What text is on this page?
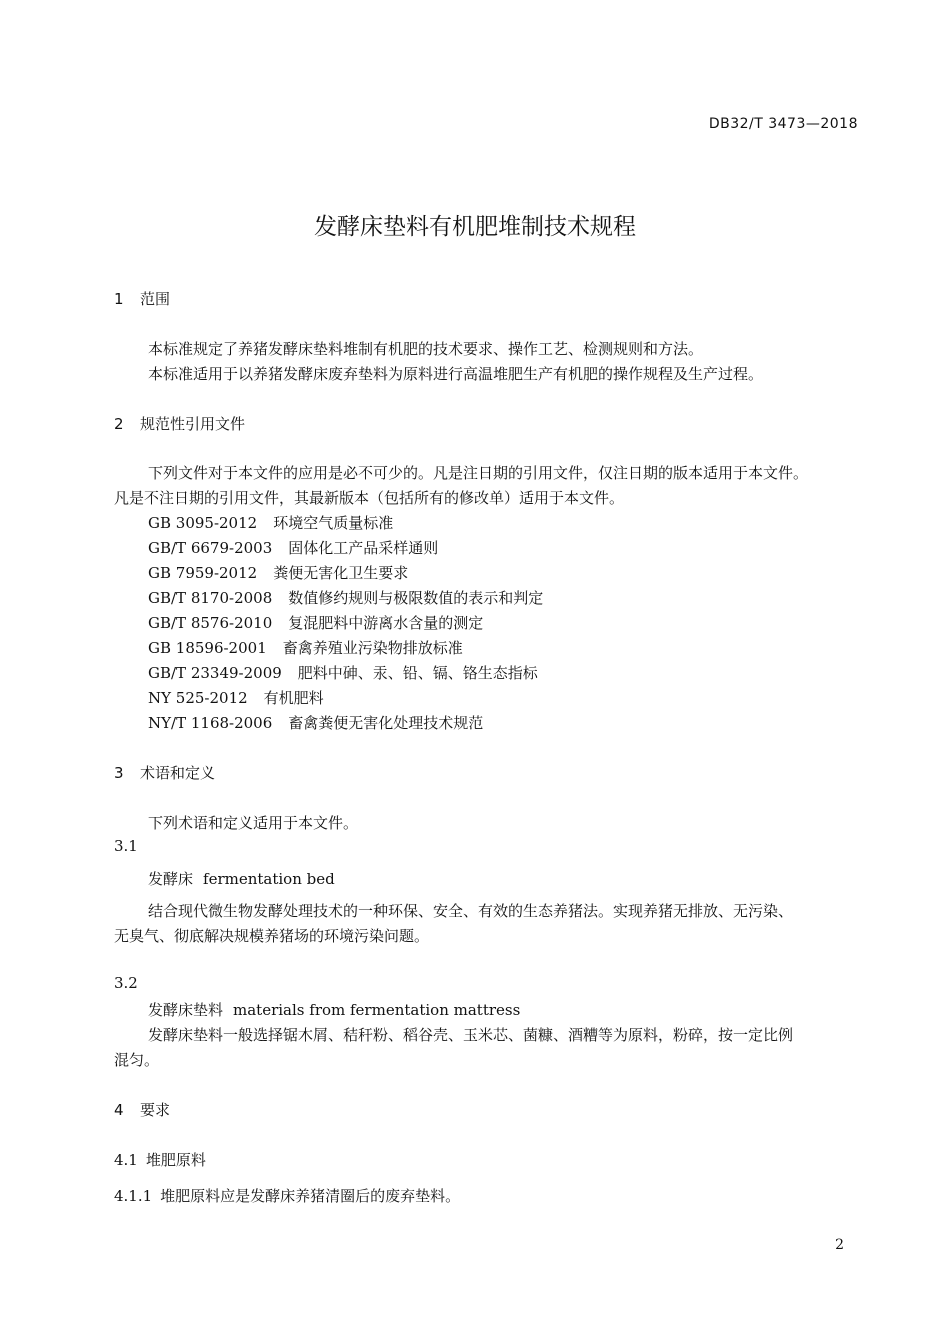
DB32/T 3473—2018
发酵床垫料有机肥堆制技术规程
1 范围
本标准规定了养猪发酵床垫料堆制有机肥的技术要求、操作工艺、检测规则和方法。
本标准适用于以养猪发酵床废弃垫料为原料进行高温堆肥生产有机肥的操作规程及生产过程。
2 规范性引用文件
下列文件对于本文件的应用是必不可少的。凡是注日期的引用文件，仅注日期的版本适用于本文件。
凡是不注日期的引用文件，其最新版本（包括所有的修改单）适用于本文件。
GB 3095-2012 环境空气质量标准
GB/T 6679-2003 固体化工产品采样通则
GB 7959-2012 粪便无害化卫生要求
GB/T 8170-2008 数值修约规则与极限数值的表示和判定
GB/T 8576-2010 复混肥料中游离水含量的测定
GB 18596-2001 畜禽养殖业污染物排放标准
GB/T 23349-2009 肥料中砷、汞、铅、镉、铬生态指标
NY 525-2012 有机肥料
NY/T 1168-2006 畜禽粪便无害化处理技术规范
3 术语和定义
下列术语和定义适用于本文件。
3.1
发酵床 fermentation bed
结合现代微生物发酵处理技术的一种环保、安全、有效的生态养猪法。实现养猪无排放、无污染、
无臭气、彻底解决规模养猪场的环境污染问题。
3.2
发酵床垫料 materials from fermentation mattress
发酵床垫料一般选择锯木屑、秸秆粉、稻谷壳、玉米芯、菌糠、酒糟等为原料，粉碎，按一定比例
混匀。
4 要求
4.1 堆肥原料
4.1.1 堆肥原料应是发酵床养猪清圈后的废弃垫料。
2
